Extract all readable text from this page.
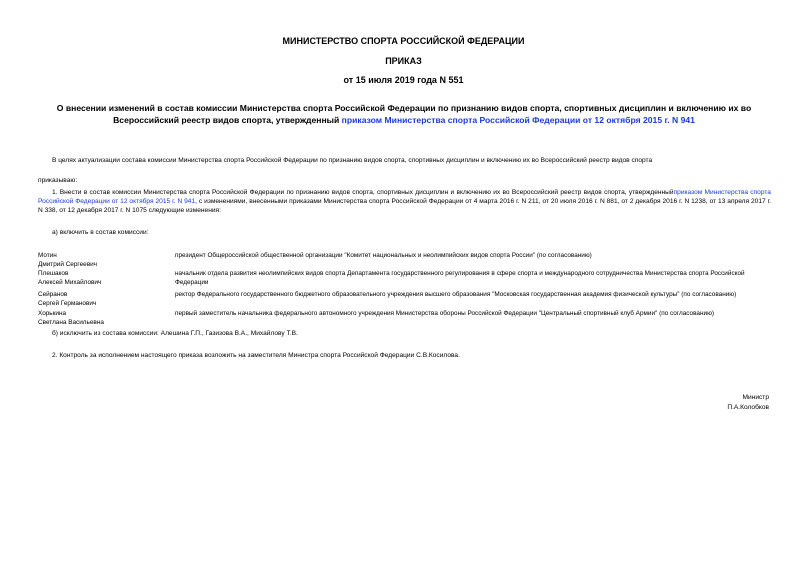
МИНИСТЕРСТВО СПОРТА РОССИЙСКОЙ ФЕДЕРАЦИИ
ПРИКАЗ
от 15 июля 2019 года N 551
О внесении изменений в состав комиссии Министерства спорта Российской Федерации по признанию видов спорта, спортивных дисциплин и включению их во Всероссийский реестр видов спорта, утвержденный приказом Министерства спорта Российской Федерации от 12 октября 2015 г. N 941
В целях актуализации состава комиссии Министерства спорта Российской Федерации по признанию видов спорта, спортивных дисциплин и включению их во Всероссийский реестр видов спорта
приказываю:
1. Внести в состав комиссии Министерства спорта Российской Федерации по признанию видов спорта, спортивных дисциплин и включению их во Всероссийский реестр видов спорта, утвержденныйприказом Министерства спорта Российской Федерации от 12 октября 2015 г. N 941, с изменениями, внесенными приказами Министерства спорта Российской Федерации от 4 марта 2016 г. N 211, от 20 июля 2016 г. N 881, от 2 декабря 2016 г. N 1238, от 13 апреля 2017 г. N 338, от 12 декабря 2017 г. N 1075 следующие изменения:
а) включить в состав комиссии:
Мотин
Дмитрий Сергеевич
президент Общероссийской общественной организации "Комитет национальных и неолимпийских видов спорта России" (по согласованию)
Плешаков
Алексей Михайлович
начальник отдела развития неолимпийских видов спорта Департамента государственного регулирования в сфере спорта и международного сотрудничества Министерства спорта Российской Федерации
Сейранов
Сергей Германович
ректор Федерального государственного бюджетного образовательного учреждения высшего образования "Московская государственная академия физической культуры" (по согласованию)
Хорькина
Светлана Васильевна
первый заместитель начальника федерального автономного учреждения Министерства обороны Российской Федерации "Центральный спортивный клуб Армии" (по согласованию)
б) исключить из состава комиссии: Алешина Г.П., Газизова В.А., Михайлову Т.В.
2. Контроль за исполнением настоящего приказа возложить на заместителя Министра спорта Российской Федерации С.В.Косилова.
Министр
П.А.Колобков
